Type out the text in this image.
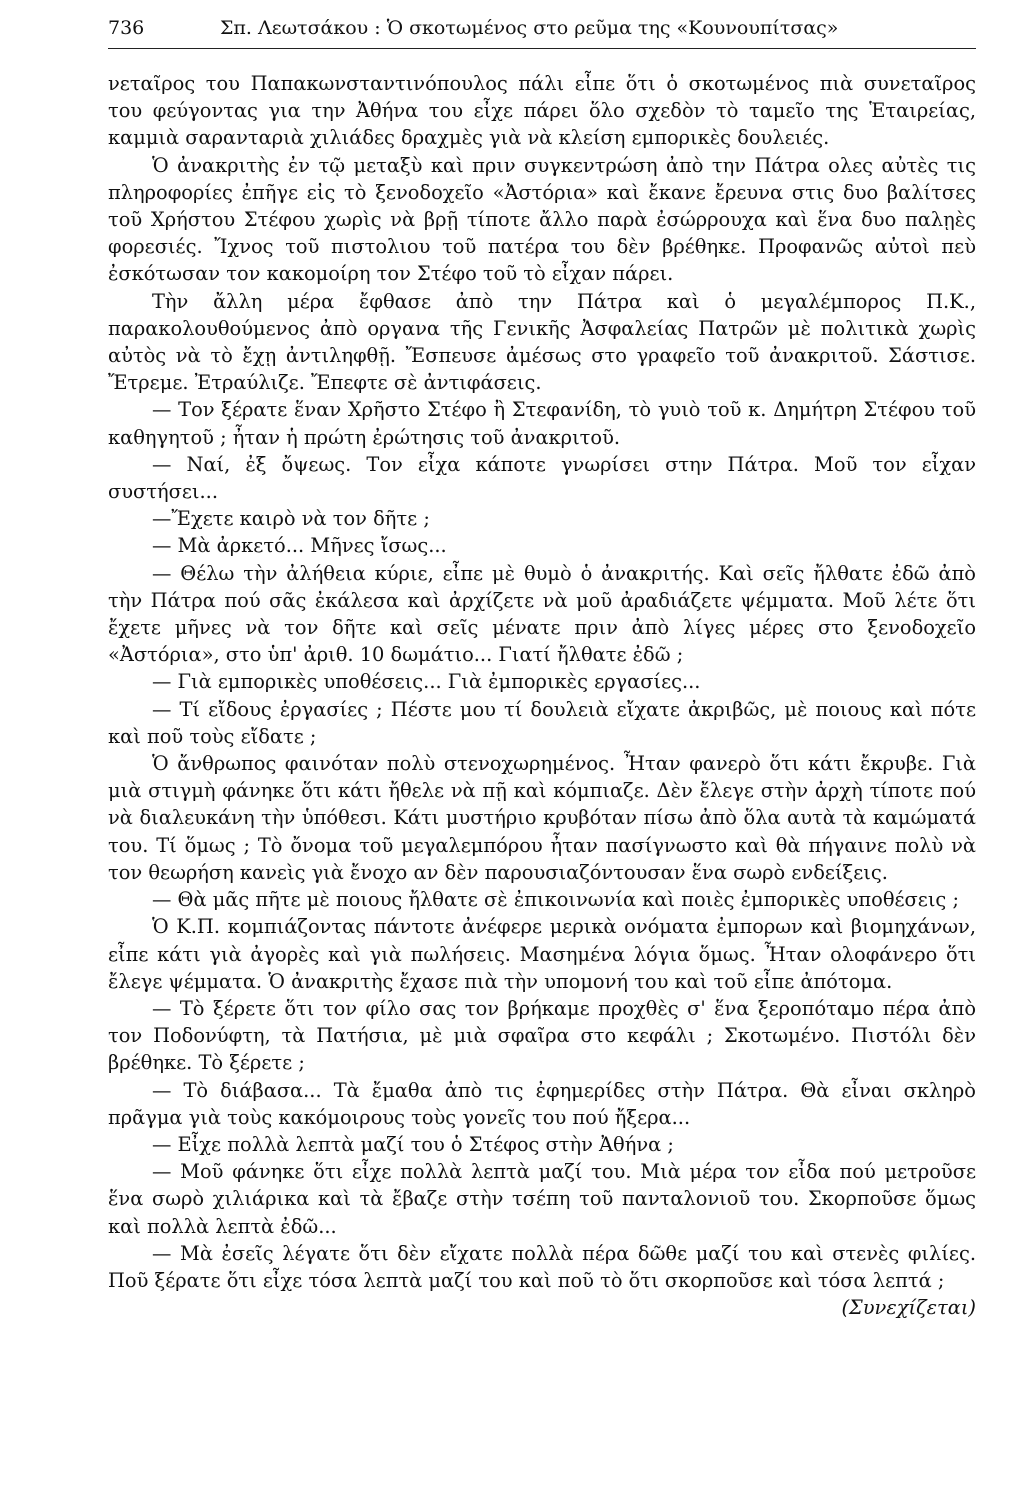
736	Σπ. Λεωτσάκου : Ὁ σκοτωμένος στο ρεῦμα της «Κουνουπίτσας»

νεταῖρος του Παπακωνσταντινόπουλος πάλι εἶπε ὅτι ὁ σκοτωμένος πιὰ συνεταῖρος του φεύγοντας για την Ἀθήνα του εἶχε πάρει ὅλο σχεδὸν τὸ ταμεῖο της Ἑταιρείας, καμμιὰ σαρανταριὰ χιλιάδες δραχμὲς γιὰ νὰ κλείση εμπορικὲς δουλειές.

Ὁ ἀνακριτὴς ἐν τῷ μεταξὺ καὶ πριν συγκεντρώση ἀπὸ την Πάτρα ολες αὐτὲς τις πληροφορίες ἐπῆγε εἰς τὸ ξενοδοχεῖο «Ἀστόρια» καὶ ἔκανε ἔρευνα στις δυο βαλίτσες τοῦ Χρήστου Στέφου χωρὶς νὰ βρῇ τίποτε ἄλλο παρὰ ἐσώρρουχα καὶ ἕνα δυο παλῃὲς φορεσιές. Ἴχνος τοῦ πιστολιου τοῦ πατέρα του δὲν βρέθηκε. Προφανῶς αὐτοὶ πεὺ ἐσκότωσαν τον κακομοίρη τον Στέφο τοῦ τὸ εἶχαν πάρει.

Τὴν ἄλλη μέρα ἔφθασε ἀπὸ την Πάτρα καὶ ὁ μεγαλέμπορος Π.Κ., παρακολουθούμενος ἀπὸ οργανα τῆς Γενικῆς Ἀσφαλείας Πατρῶν μὲ πολιτικὰ χωρὶς αὐτὸς νὰ τὸ ἔχῃ ἀντιληφθῇ. Ἔσπευσε ἀμέσως στο γραφεῖο τοῦ ἀνακριτοῦ. Σάστισε. Ἔτρεμε. Ἐτραύλιζε. Ἔπεφτε σὲ ἀντιφάσεις.

— Τον ξέρατε ἕναν Χρῆστο Στέφο ἢ Στεφανίδη, τὸ γυιὸ τοῦ κ. Δημήτρη Στέφου τοῦ καθηγητοῦ ; ἦταν ἡ πρώτη ἐρώτησις τοῦ ἀνακριτοῦ.

— Ναί, ἐξ ὄψεως. Τον εἶχα κάποτε γνωρίσει στην Πάτρα. Μοῦ τον εἶχαν συστήσει...

—Ἔχετε καιρὸ νὰ τον δῆτε ;

— Μὰ ἀρκετό... Μῆνες ἴσως...

— Θέλω τὴν ἀλήθεια κύριε, εἶπε μὲ θυμὸ ὁ ἀνακριτής. Καὶ σεῖς ἤλθατε ἐδῶ ἀπὸ τὴν Πάτρα πού σᾶς ἐκάλεσα καὶ ἀρχίζετε νὰ μοῦ ἀραδιάζετε ψέμματα. Μοῦ λέτε ὅτι ἔχετε μῆνες νὰ τον δῆτε καὶ σεῖς μένατε πριν ἀπὸ λίγες μέρες στο ξενοδοχεῖο «Ἀστόρια», στο ὑπ' ἀριθ. 10 δωμάτιο... Γιατί ἤλθατε ἐδῶ ;

— Γιὰ εμπορικὲς υποθέσεις... Γιὰ ἐμπορικὲς εργασίες...

— Τί εἴδους ἐργασίες ; Πέστε μου τί δουλειὰ εἴχατε ἀκριβῶς, μὲ ποιους καὶ πότε καὶ ποῦ τοὺς εἴδατε ;

Ὁ ἄνθρωπος φαινόταν πολὺ στενοχωρημένος. Ἦταν φανερὸ ὅτι κάτι ἔκρυβε. Γιὰ μιὰ στιγμὴ φάνηκε ὅτι κάτι ἤθελε νὰ πῇ καὶ κόμπιαζε. Δὲν ἔλεγε στὴν ἀρχὴ τίποτε πού νὰ διαλευκάνη τὴν ὑπόθεσι. Κάτι μυστήριο κρυβόταν πίσω ἀπὸ ὅλα αυτὰ τὰ καμώματά του. Τί ὅμως ; Τὸ ὄνομα τοῦ μεγαλεμπόρου ἦταν πασίγνωστο καὶ θὰ πήγαινε πολὺ νὰ τον θεωρήση κανεὶς γιὰ ἔνοχο αν δὲν παρουσιαζόντουσαν ἕνα σωρὸ ενδείξεις.

— Θὰ μᾶς πῆτε μὲ ποιους ἤλθατε σὲ ἐπικοινωνία καὶ ποιὲς ἐμπορικὲς υποθέσεις ;

Ὁ Κ.Π. κομπιάζοντας πάντοτε ἀνέφερε μερικὰ ονόματα ἐμπορων καὶ βιομηχάνων, εἶπε κάτι γιὰ ἀγορὲς καὶ γιὰ πωλήσεις. Μασημένα λόγια ὅμως. Ἦταν ολοφάνερο ὅτι ἔλεγε ψέμματα. Ὁ ἀνακριτὴς ἔχασε πιὰ τὴν υπομονή του καὶ τοῦ εἶπε ἀπότομα.

— Τὸ ξέρετε ὅτι τον φίλο σας τον βρήκαμε προχθὲς σ' ἕνα ξεροπόταμο πέρα ἀπὸ τον Ποδονύφτη, τὰ Πατήσια, μὲ μιὰ σφαῖρα στο κεφάλι ; Σκοτωμένο. Πιστόλι δὲν βρέθηκε. Τὸ ξέρετε ;

— Τὸ διάβασα... Τὰ ἔμαθα ἀπὸ τις ἐφημερίδες στὴν Πάτρα. Θὰ εἶναι σκληρὸ πρᾶγμα γιὰ τοὺς κακόμοιρους τοὺς γονεῖς του πού ἤξερα...

— Εἶχε πολλὰ λεπτὰ μαζί του ὁ Στέφος στὴν Ἀθήνα ;

— Μοῦ φάνηκε ὅτι εἶχε πολλὰ λεπτὰ μαζί του. Μιὰ μέρα τον εἶδα πού μετροῦσε ἕνα σωρὸ χιλιάρικα καὶ τὰ ἔβαζε στὴν τσέπη τοῦ πανταλονιοῦ του. Σκορποῦσε ὅμως καὶ πολλὰ λεπτὰ ἐδῶ...

— Μὰ ἐσεῖς λέγατε ὅτι δὲν εἴχατε πολλὰ πέρα δῶθε μαζί του καὶ στενὲς φιλίες. Ποῦ ξέρατε ὅτι εἶχε τόσα λεπτὰ μαζί του καὶ ποῦ τὸ ὅτι σκορποῦσε καὶ τόσα λεπτά ;

(Συνεχίζεται)
